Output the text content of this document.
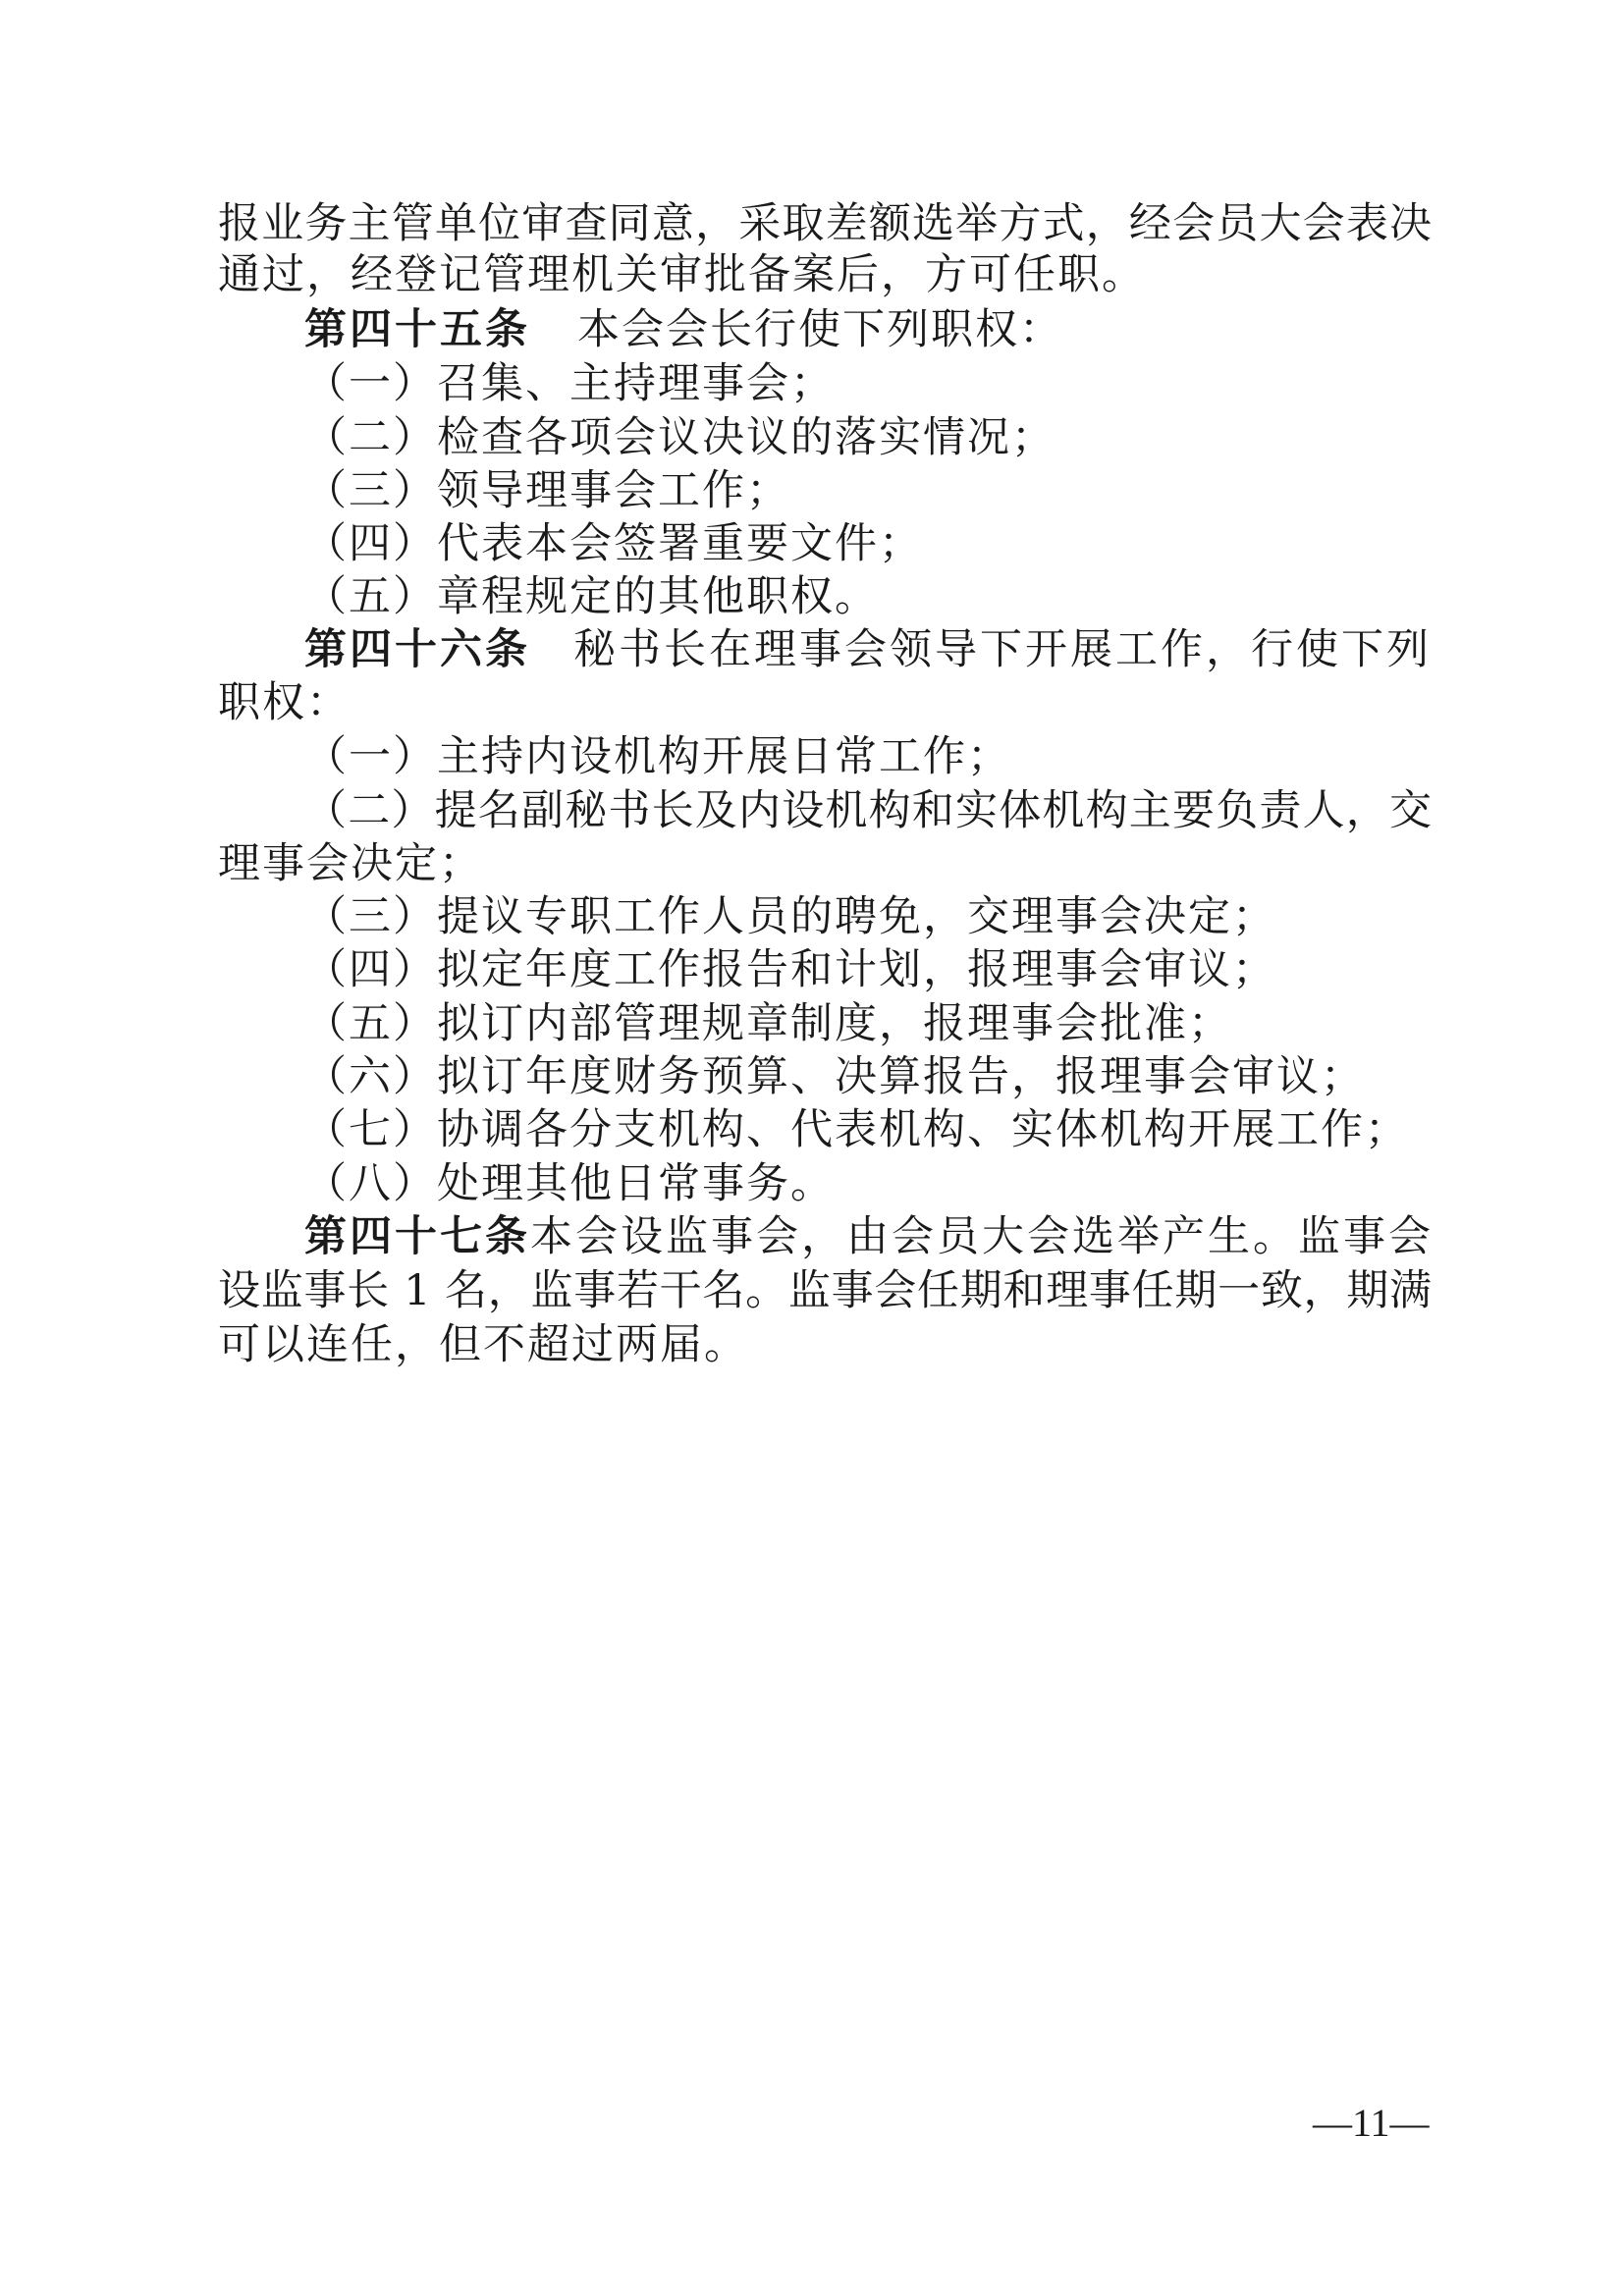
报业务主管单位审查同意，采取差额选举方式，经会员大会表决
通过，经登记管理机关审批备案后，方可任职。
第四十五条 本会会长行使下列职权：
（一）召集、主持理事会；
（二）检查各项会议决议的落实情况；
（三）领导理事会工作；
（四）代表本会签署重要文件；
（五）章程规定的其他职权。
第四十六条 秘书长在理事会领导下开展工作，行使下列
职权：
（一）主持内设机构开展日常工作；
（二）提名副秘书长及内设机构和实体机构主要负责人，交
理事会决定；
（三）提议专职工作人员的聘免，交理事会决定；
（四）拟定年度工作报告和计划，报理事会审议；
（五）拟订内部管理规章制度，报理事会批准；
（六）拟订年度财务预算、决算报告，报理事会审议；
（七）协调各分支机构、代表机构、实体机构开展工作；
（八）处理其他日常事务。
第四十七条 本会设监事会，由会员大会选举产生。监事会
设监事长 1 名，监事若干名。监事会任期和理事任期一致，期满
可以连任，但不超过两届。
—11—
